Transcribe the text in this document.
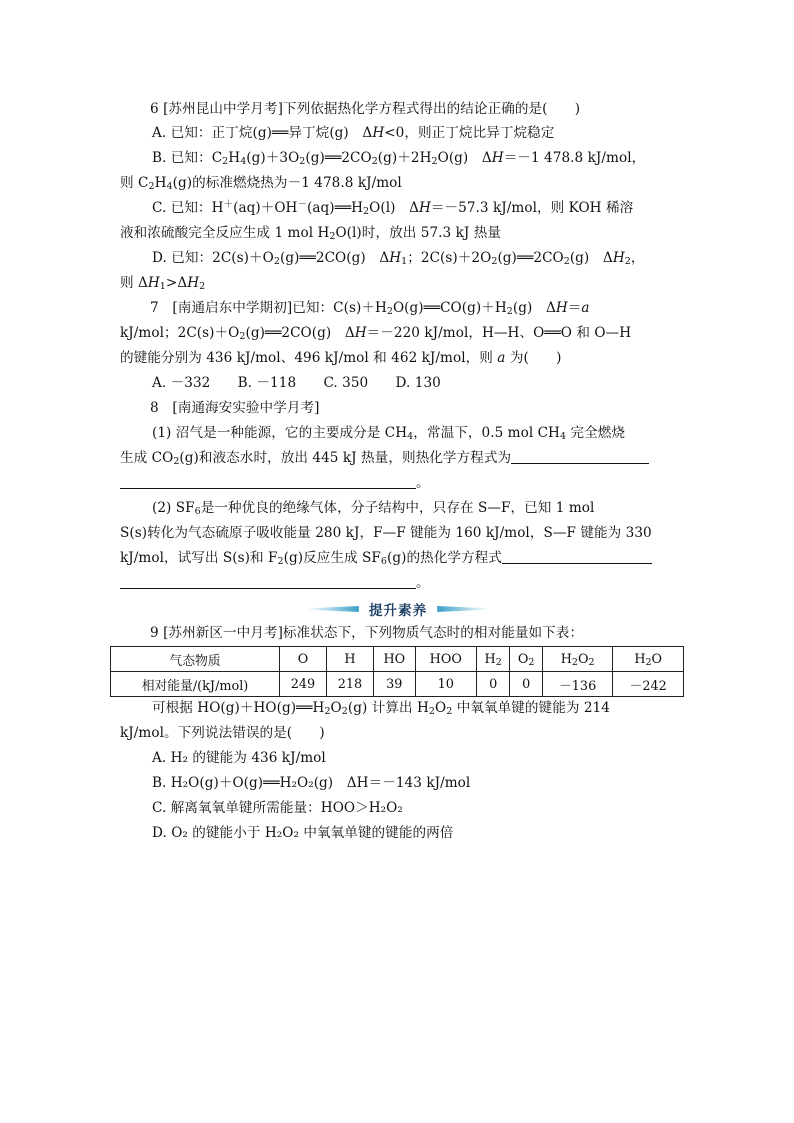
6 [苏州昆山中学月考]下列依据热化学方程式得出的结论正确的是(　　)
A. 已知：正丁烷(g)══异丁烷(g)　ΔH<0，则正丁烷比异丁烷稳定
B. 已知：$C_2H_4(g)+3O_2(g)══2CO_2(g)+2H_2O(g)$　ΔH＝－1 478.8 kJ/mol，
则 $C_2H_4(g)$的标准燃烧热为－1 478.8 kJ/mol
C. 已知：$H^+(aq)+OH^-(aq)══H_2O(l)$　ΔH＝－57.3 kJ/mol，则 KOH 稀溶
液和浓硫酸完全反应生成 1 mol $H_2O(l)$时，放出 57.3 kJ 热量
D. 已知：$2C(s)+O_2(g)══2CO(g)$　$\Delta H_1$；$2C(s)+2O_2(g)══2CO_2(g)$　$\Delta H_2$，
则 $\Delta H_1>\Delta H_2$
7　[南通启东中学期初]已知：$C(s)+H_2O(g)══CO(g)+H_2(g)$　ΔH＝a
kJ/mol；$2C(s)+O_2(g)══2CO(g)$　ΔH＝－220 kJ/mol，H—H、O══O 和 O—H
的键能分别为 436 kJ/mol、496 kJ/mol 和 462 kJ/mol，则 a 为(　　)
A. －332　　B. －118　　C. 350　　D. 130
8　[南通海安实验中学月考]
(1) 沼气是一种能源，它的主要成分是 $CH_4$，常温下，0.5 mol $CH_4$ 完全燃烧
生成 $CO_2(g)$和液态水时，放出 445 kJ 热量，则热化学方程式为
。
(2) $SF_6$是一种优良的绝缘气体，分子结构中，只存在 S—F，已知 1 mol
S(s)转化为气态硫原子吸收能量 280 kJ，F—F 键能为 160 kJ/mol，S—F 键能为 330
kJ/mol，试写出 S(s)和 $F_2(g)$反应生成 $SF_6(g)$的热化学方程式
。
提升素养
9 [苏州新区一中月考]标准状态下，下列物质气态时的相对能量如下表：
气态物质	O	H	HO	HOO	$H_2$	$O_2$	$H_2O_2$	$H_2O$
相对能量/(kJ/mol)	249	218	39	10	0	0	－136	－242
可根据 $HO(g)+HO(g)══H_2O_2(g)$ 计算出 $H_2O_2$ 中氧氧单键的键能为 214
kJ/mol。下列说法错误的是(　　)
A. H₂ 的键能为 436 kJ/mol
B. H₂O(g)＋O(g)══H₂O₂(g)　ΔH＝－143 kJ/mol
C. 解离氧氧单键所需能量：HOO＞H₂O₂
D. O₂ 的键能小于 H₂O₂ 中氧氧单键的键能的两倍
